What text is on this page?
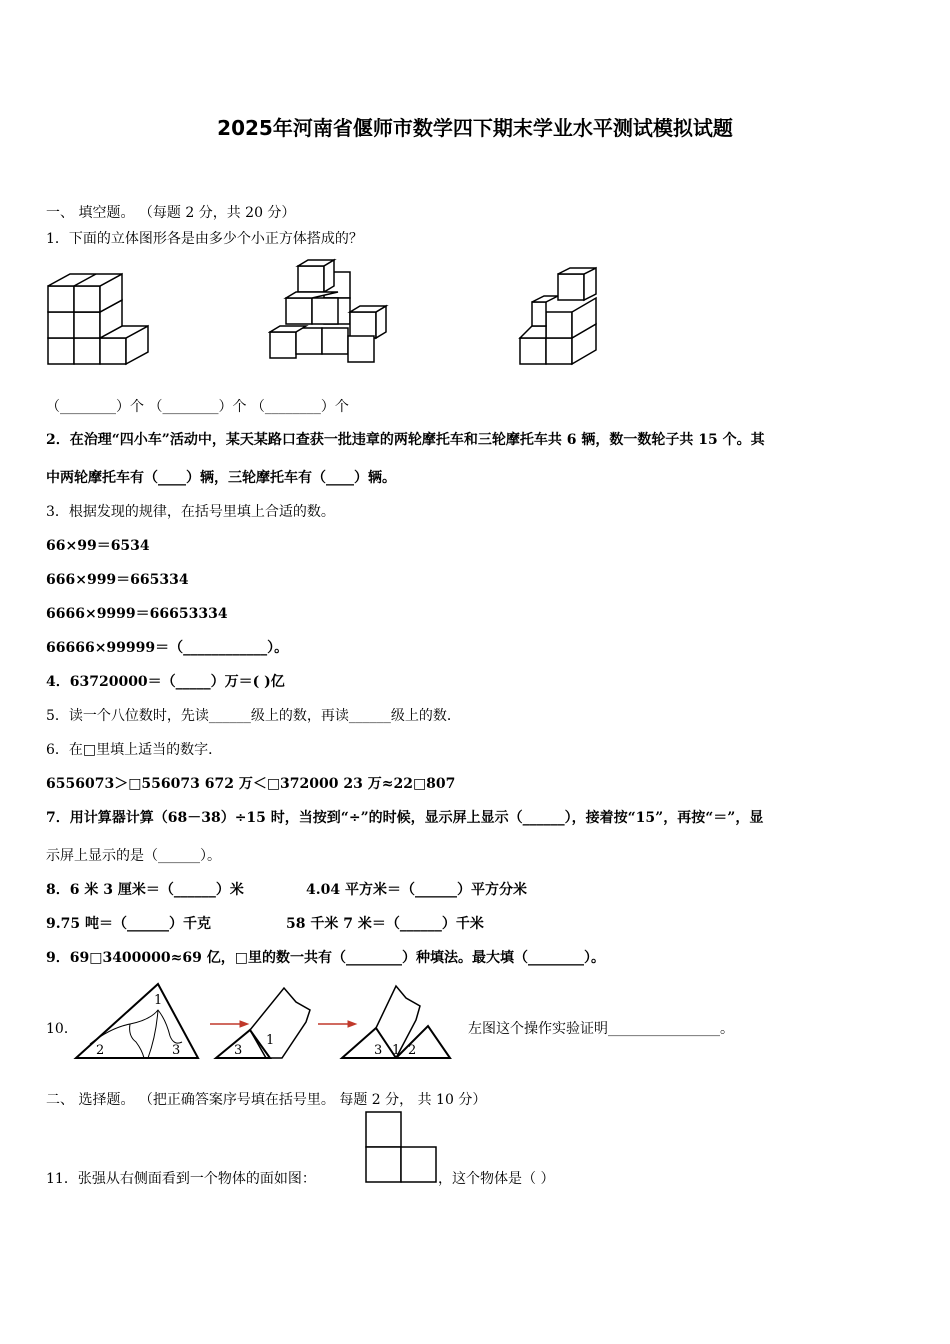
2025年河南省偃师市数学四下期末学业水平测试模拟试题
一、 填空题。 （每题 2 分，共 20 分）
1．下面的立体图形各是由多少个小正方体搭成的？
（________）个 （________）个 （________）个
2．在治理“四小车”活动中，某天某路口查获一批违章的两轮摩托车和三轮摩托车共 6 辆，数一数轮子共 15 个。其
中两轮摩托车有（____）辆，三轮摩托车有（____）辆。
3．根据发现的规律，在括号里填上合适的数。
66×99＝6534
666×999＝665334
6666×9999＝66653334
66666×99999＝（____________）。
4．63720000＝（_____）万＝( )亿
5．读一个八位数时，先读______级上的数，再读______级上的数．
6．在□里填上适当的数字．
6556073＞□556073 672 万＜□372000 23 万≈22□807
7．用计算器计算（68－38）÷15 时，当按到“÷”的时候，显示屏上显示（______），接着按“15”，再按“＝”，显
示屏上显示的是（______）。
8．6 米 3 厘米＝（______）米	4.04 平方米＝（______）平方分米
9.75 吨＝（______）千克	58 千米 7 米＝（______）千米
9．69□3400000≈69 亿，□里的数一共有（________）种填法。最大填（________）。
10．
1
2	3	3
1
3 1 2
左图这个操作实验证明________________。
二、 选择题。 （把正确答案序号填在括号里。 每题 2 分， 共 10 分）
11．张强从右侧面看到一个物体的面如图：	，这个物体是（ ）
